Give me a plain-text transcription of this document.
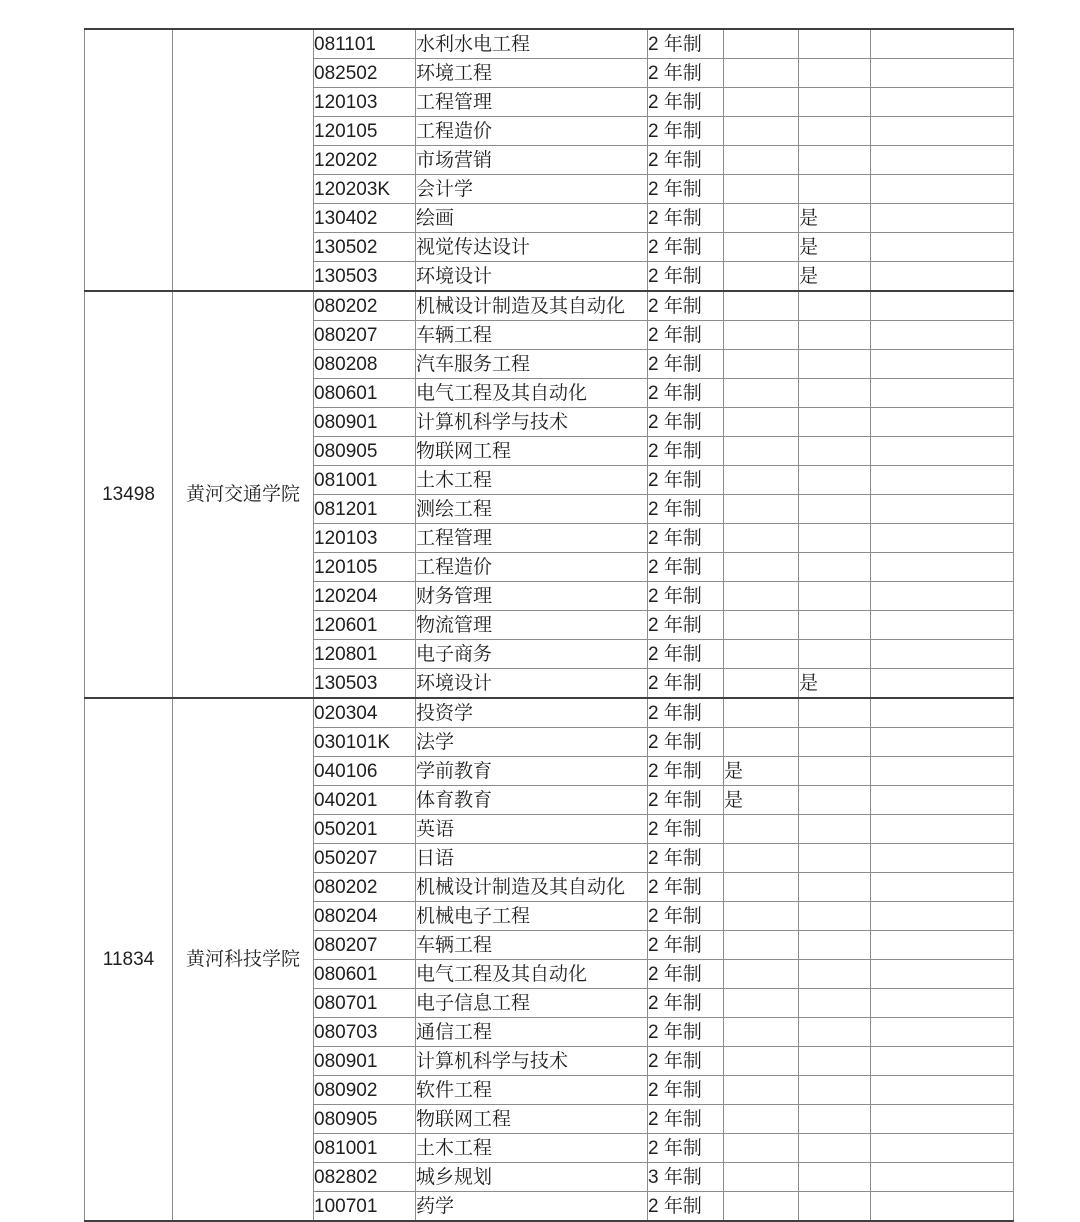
		081101	水利水电工程	2 年制			
		082502	环境工程	2 年制			
		120103	工程管理	2 年制			
		120105	工程造价	2 年制			
		120202	市场营销	2 年制			
		120203K	会计学	2 年制			
		130402	绘画	2 年制		是	
		130502	视觉传达设计	2 年制		是	
		130503	环境设计	2 年制		是	
13498	黄河交通学院	080202	机械设计制造及其自动化	2 年制			
		080207	车辆工程	2 年制			
		080208	汽车服务工程	2 年制			
		080601	电气工程及其自动化	2 年制			
		080901	计算机科学与技术	2 年制			
		080905	物联网工程	2 年制			
		081001	土木工程	2 年制			
		081201	测绘工程	2 年制			
		120103	工程管理	2 年制			
		120105	工程造价	2 年制			
		120204	财务管理	2 年制			
		120601	物流管理	2 年制			
		120801	电子商务	2 年制			
		130503	环境设计	2 年制		是	
11834	黄河科技学院	020304	投资学	2 年制			
		030101K	法学	2 年制			
		040106	学前教育	2 年制	是		
		040201	体育教育	2 年制	是		
		050201	英语	2 年制			
		050207	日语	2 年制			
		080202	机械设计制造及其自动化	2 年制			
		080204	机械电子工程	2 年制			
		080207	车辆工程	2 年制			
		080601	电气工程及其自动化	2 年制			
		080701	电子信息工程	2 年制			
		080703	通信工程	2 年制			
		080901	计算机科学与技术	2 年制			
		080902	软件工程	2 年制			
		080905	物联网工程	2 年制			
		081001	土木工程	2 年制			
		082802	城乡规划	3 年制			
		100701	药学	2 年制			
